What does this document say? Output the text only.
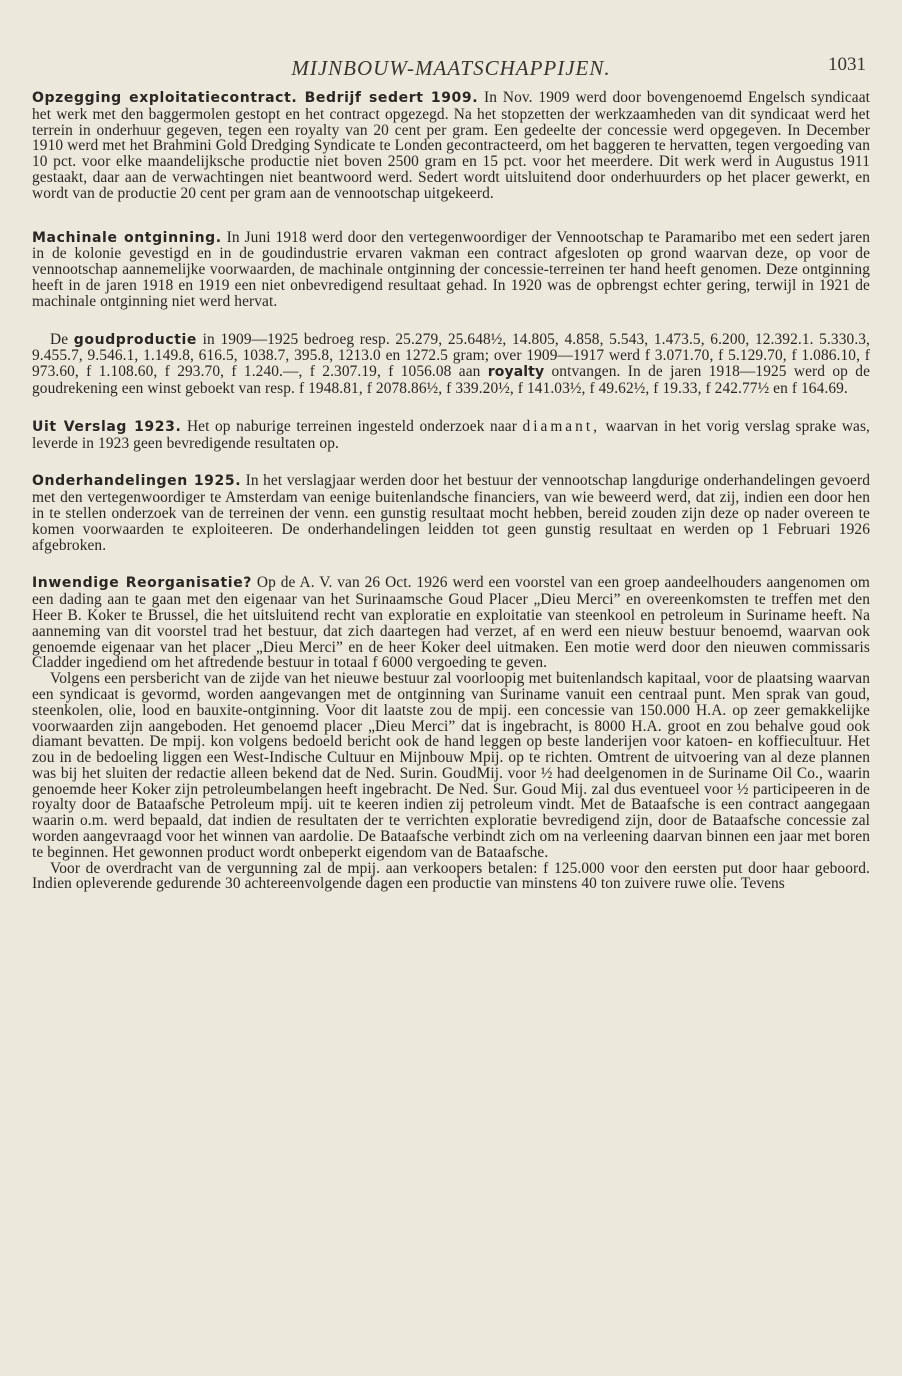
MIJNBOUW-MAATSCHAPPIJEN.	1031

Opzegging exploitatiecontract. Bedrijf sedert 1909. In Nov. 1909 werd door bovengenoemd Engelsch syndicaat het werk met den baggermolen gestopt en het contract opgezegd. Na het stopzetten der werkzaamheden van dit syndicaat werd het terrein in onderhuur gegeven, tegen een royalty van 20 cent per gram. Een gedeelte der concessie werd opgegeven. In December 1910 werd met het Brahmini Gold Dredging Syndicate te Londen gecontracteerd, om het baggeren te hervatten, tegen vergoeding van 10 pct. voor elke maandelijksche productie niet boven 2500 gram en 15 pct. voor het meerdere. Dit werk werd in Augustus 1911 gestaakt, daar aan de verwachtingen niet beantwoord werd. Sedert wordt uitsluitend door onderhuurders op het placer gewerkt, en wordt van de productie 20 cent per gram aan de vennootschap uitgekeerd.

Machinale ontginning. In Juni 1918 werd door den vertegenwoordiger der Vennootschap te Paramaribo met een sedert jaren in de kolonie gevestigd en in de goudindustrie ervaren vakman een contract afgesloten op grond waarvan deze, op voor de vennootschap aannemelijke voorwaarden, de machinale ontginning der concessie-terreinen ter hand heeft genomen. Deze ontginning heeft in de jaren 1918 en 1919 een niet onbevredigend resultaat gehad. In 1920 was de opbrengst echter gering, terwijl in 1921 de machinale ontginning niet werd hervat.

De goudproductie in 1909—1925 bedroeg resp. 25.279, 25.648½, 14.805, 4.858, 5.543, 1.473.5, 6.200, 12.392.1. 5.330.3, 9.455.7, 9.546.1, 1.149.8, 616.5, 1038.7, 395.8, 1213.0 en 1272.5 gram; over 1909—1917 werd f 3.071.70, f 5.129.70, f 1.086.10, f 973.60, f 1.108.60, f 293.70, f 1.240.—, f 2.307.19, f 1056.08 aan royalty ontvangen. In de jaren 1918—1925 werd op de goudrekening een winst geboekt van resp. f 1948.81, f 2078.86½, f 339.20½, f 141.03½, f 49.62½, f 19.33, f 242.77½ en f 164.69.

Uit Verslag 1923. Het op naburige terreinen ingesteld onderzoek naar diamant, waarvan in het vorig verslag sprake was, leverde in 1923 geen bevredigende resultaten op.

Onderhandelingen 1925. In het verslagjaar werden door het bestuur der vennootschap langdurige onderhandelingen gevoerd met den vertegenwoordiger te Amsterdam van eenige buitenlandsche financiers, van wie beweerd werd, dat zij, indien een door hen in te stellen onderzoek van de terreinen der venn. een gunstig resultaat mocht hebben, bereid zouden zijn deze op nader overeen te komen voorwaarden te exploiteeren. De onderhandelingen leidden tot geen gunstig resultaat en werden op 1 Februari 1926 afgebroken.

Inwendige Reorganisatie? Op de A. V. van 26 Oct. 1926 werd een voorstel van een groep aandeelhouders aangenomen om een dading aan te gaan met den eigenaar van het Surinaamsche Goud Placer „Dieu Merci” en overeenkomsten te treffen met den Heer B. Koker te Brussel, die het uitsluitend recht van exploratie en exploitatie van steenkool en petroleum in Suriname heeft. Na aanneming van dit voorstel trad het bestuur, dat zich daartegen had verzet, af en werd een nieuw bestuur benoemd, waarvan ook genoemde eigenaar van het placer „Dieu Merci” en de heer Koker deel uitmaken. Een motie werd door den nieuwen commissaris Cladder ingediend om het aftredende bestuur in totaal f 6000 vergoeding te geven.

Volgens een persbericht van de zijde van het nieuwe bestuur zal voorloopig met buitenlandsch kapitaal, voor de plaatsing waarvan een syndicaat is gevormd, worden aangevangen met de ontginning van Suriname vanuit een centraal punt. Men sprak van goud, steenkolen, olie, lood en bauxite-ontginning. Voor dit laatste zou de mpij. een concessie van 150.000 H.A. op zeer gemakkelijke voorwaarden zijn aangeboden. Het genoemd placer „Dieu Merci” dat is ingebracht, is 8000 H.A. groot en zou behalve goud ook diamant bevatten. De mpij. kon volgens bedoeld bericht ook de hand leggen op beste landerijen voor katoen- en koffiecultuur. Het zou in de bedoeling liggen een West-Indische Cultuur en Mijnbouw Mpij. op te richten. Omtrent de uitvoering van al deze plannen was bij het sluiten der redactie alleen bekend dat de Ned. Surin. GoudMij. voor ½ had deelgenomen in de Suriname Oil Co., waarin genoemde heer Koker zijn petroleumbelangen heeft ingebracht. De Ned. Sur. Goud Mij. zal dus eventueel voor ½ participeeren in de royalty door de Bataafsche Petroleum mpij. uit te keeren indien zij petroleum vindt. Met de Bataafsche is een contract aangegaan waarin o.m. werd bepaald, dat indien de resultaten der te verrichten exploratie bevredigend zijn, door de Bataafsche concessie zal worden aangevraagd voor het winnen van aardolie. De Bataafsche verbindt zich om na verleening daarvan binnen een jaar met boren te beginnen. Het gewonnen product wordt onbeperkt eigendom van de Bataafsche.

Voor de overdracht van de vergunning zal de mpij. aan verkoopers betalen: f 125.000 voor den eersten put door haar geboord. Indien opleverende gedurende 30 achtereenvolgende dagen een productie van minstens 40 ton zuivere ruwe olie. Tevens
